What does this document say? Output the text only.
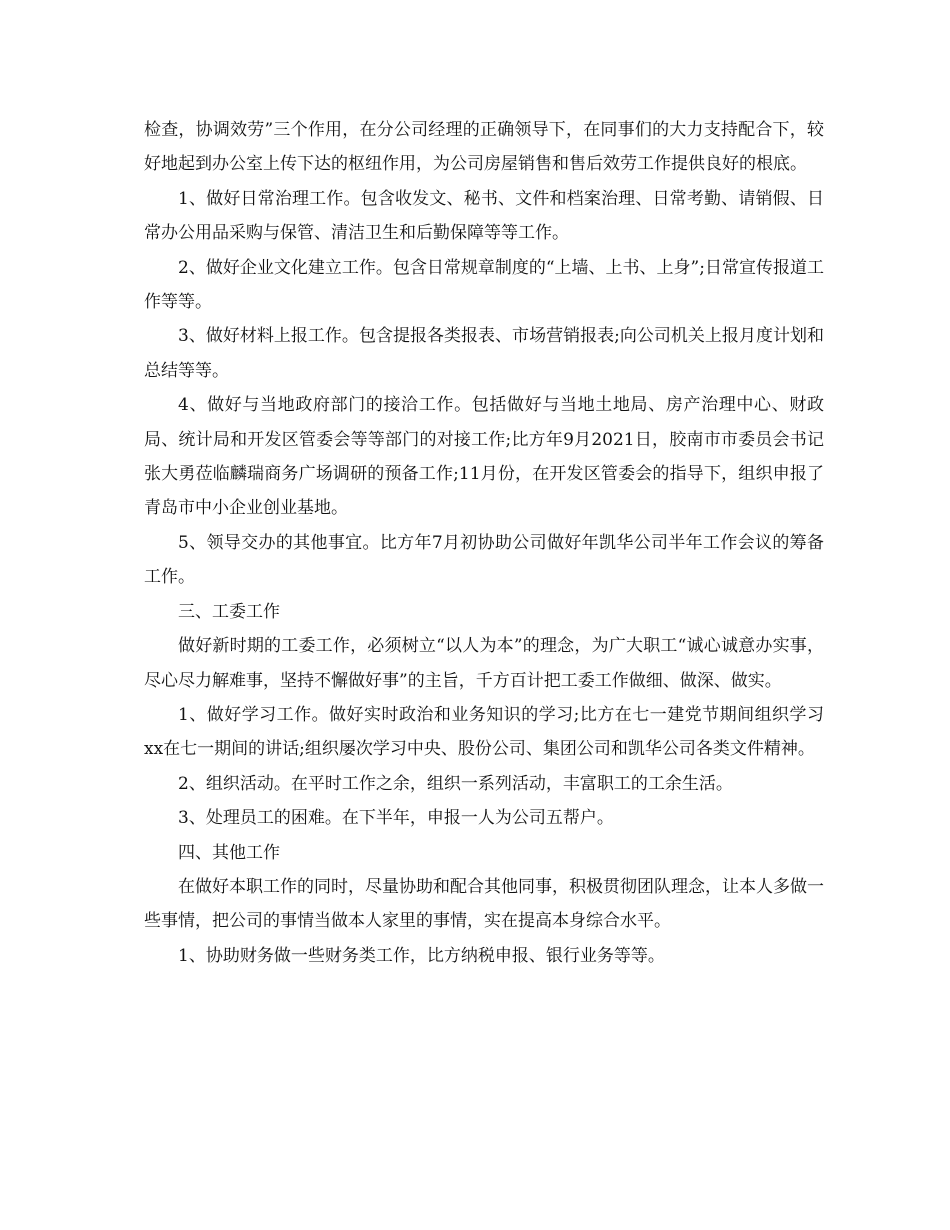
检查，协调效劳”三个作用，在分公司经理的正确领导下，在同事们的大力支持配合下，较好地起到办公室上传下达的枢纽作用，为公司房屋销售和售后效劳工作提供良好的根底。

1、做好日常治理工作。包含收发文、秘书、文件和档案治理、日常考勤、请销假、日常办公用品采购与保管、清洁卫生和后勤保障等等工作。

2、做好企业文化建立工作。包含日常规章制度的“上墙、上书、上身”;日常宣传报道工作等等。

3、做好材料上报工作。包含提报各类报表、市场营销报表;向公司机关上报月度计划和总结等等。

4、做好与当地政府部门的接洽工作。包括做好与当地土地局、房产治理中心、财政局、统计局和开发区管委会等等部门的对接工作;比方年9月2021日，胶南市市委员会书记张大勇莅临麟瑞商务广场调研的预备工作;11月份，在开发区管委会的指导下，组织申报了青岛市中小企业创业基地。

5、领导交办的其他事宜。比方年7月初协助公司做好年凯华公司半年工作会议的筹备工作。

三、工委工作

做好新时期的工委工作，必须树立“以人为本”的理念，为广大职工“诚心诚意办实事，尽心尽力解难事，坚持不懈做好事”的主旨，千方百计把工委工作做细、做深、做实。

1、做好学习工作。做好实时政治和业务知识的学习;比方在七一建党节期间组织学习xx在七一期间的讲话;组织屡次学习中央、股份公司、集团公司和凯华公司各类文件精神。

2、组织活动。在平时工作之余，组织一系列活动，丰富职工的工余生活。

3、处理员工的困难。在下半年，申报一人为公司五帮户。

四、其他工作

在做好本职工作的同时，尽量协助和配合其他同事，积极贯彻团队理念，让本人多做一些事情，把公司的事情当做本人家里的事情，实在提高本身综合水平。

1、协助财务做一些财务类工作，比方纳税申报、银行业务等等。
